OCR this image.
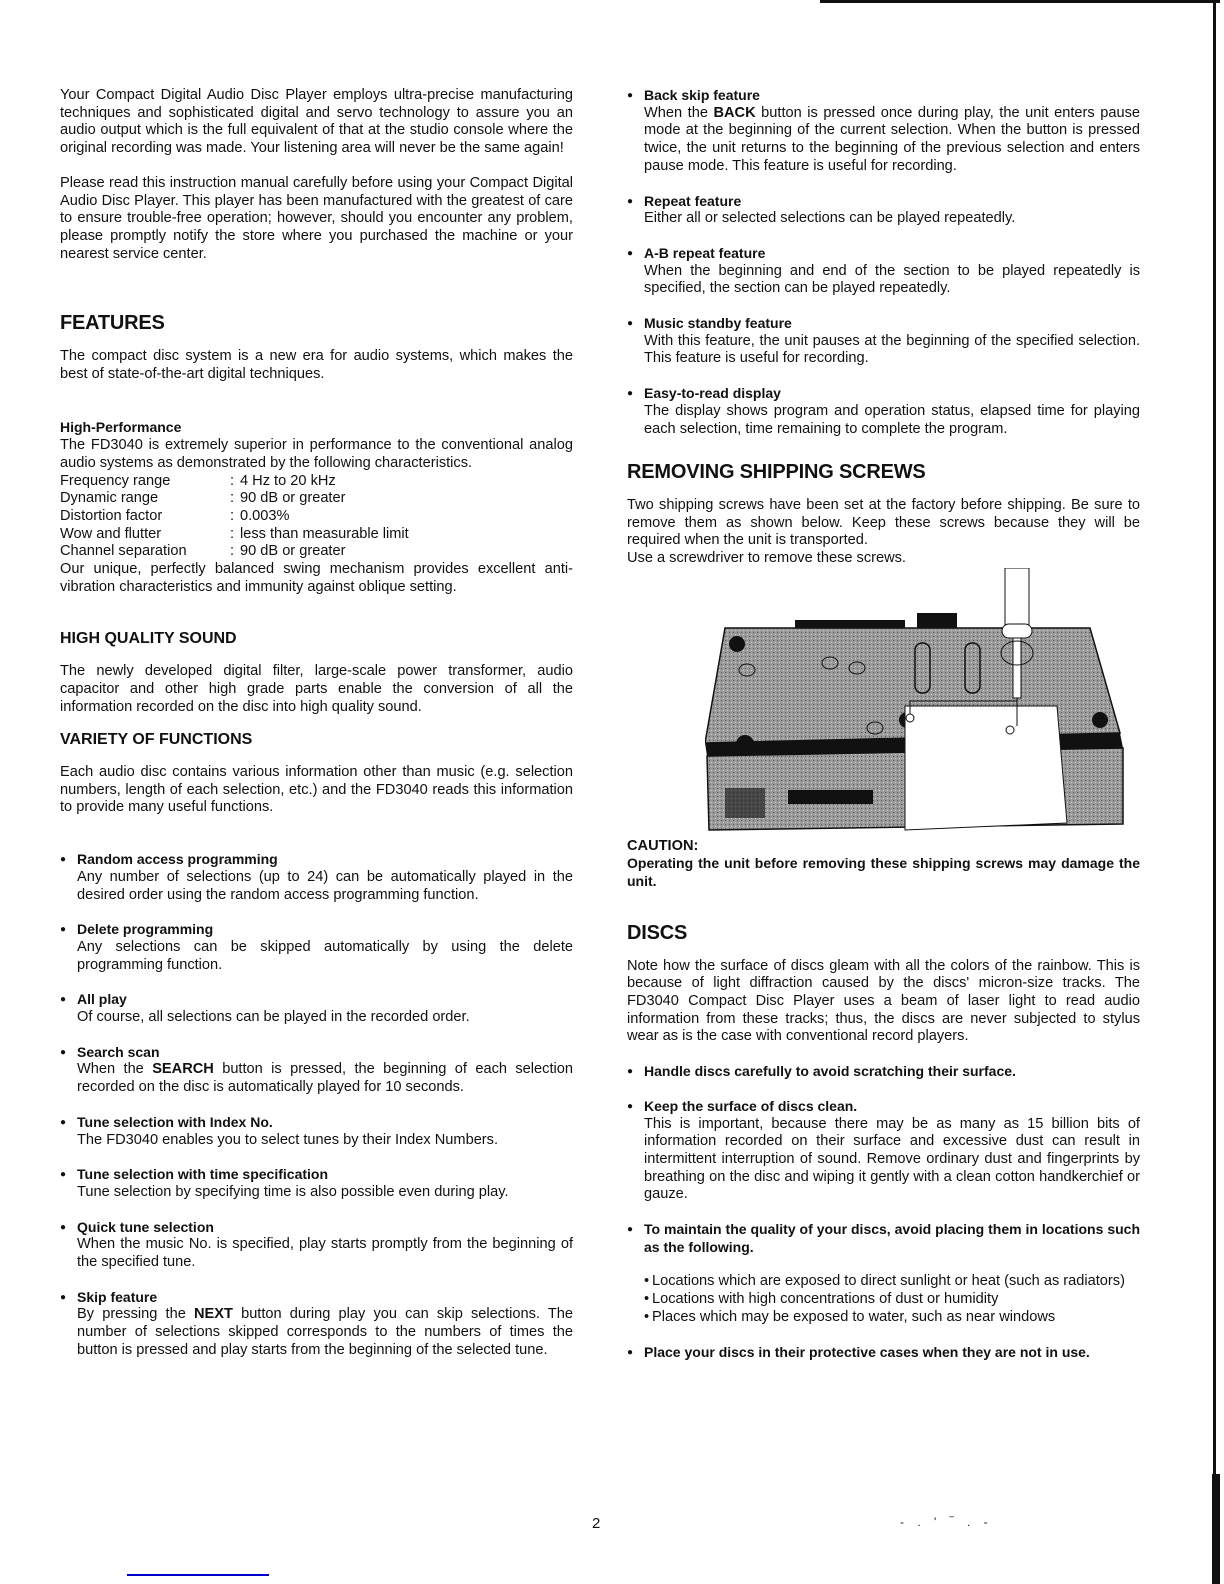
Your Compact Digital Audio Disc Player employs ultra-precise manufacturing techniques and sophisticated digital and servo technology to assure you an audio output which is the full equivalent of that at the studio console where the original recording was made. Your listening area will never be the same again!

Please read this instruction manual carefully before using your Compact Digital Audio Disc Player. This player has been manufactured with the greatest of care to ensure trouble-free operation; however, should you encounter any problem, please promptly notify the store where you purchased the machine or your nearest service center.

FEATURES

The compact disc system is a new era for audio systems, which makes the best of state-of-the-art digital techniques.

High-Performance

The FD3040 is extremely superior in performance to the conventional analog audio systems as demonstrated by the following characteristics.

Frequency range	: 4 Hz to 20 kHz
Dynamic range	: 90 dB or greater
Distortion factor	: 0.003%
Wow and flutter	: less than measurable limit
Channel separation	: 90 dB or greater

Our unique, perfectly balanced swing mechanism provides excellent anti-vibration characteristics and immunity against oblique setting.

HIGH QUALITY SOUND

The newly developed digital filter, large-scale power transformer, audio capacitor and other high grade parts enable the conversion of all the information recorded on the disc into high quality sound.

VARIETY OF FUNCTIONS

Each audio disc contains various information other than music (e.g. selection numbers, length of each selection, etc.) and the FD3040 reads this information to provide many useful functions.

● Random access programming
Any number of selections (up to 24) can be automatically played in the desired order using the random access programming function.
● Delete programming
Any selections can be skipped automatically by using the delete programming function.
● All play
Of course, all selections can be played in the recorded order.
● Search scan
When the SEARCH button is pressed, the beginning of each selection recorded on the disc is automatically played for 10 seconds.
● Tune selection with Index No.
The FD3040 enables you to select tunes by their Index Numbers.
● Tune selection with time specification
Tune selection by specifying time is also possible even during play.
● Quick tune selection
When the music No. is specified, play starts promptly from the beginning of the specified tune.
● Skip feature
By pressing the NEXT button during play you can skip selections. The number of selections skipped corresponds to the numbers of times the button is pressed and play starts from the beginning of the selected tune.
● Back skip feature
When the BACK button is pressed once during play, the unit enters pause mode at the beginning of the current selection. When the button is pressed twice, the unit returns to the beginning of the previous selection and enters pause mode. This feature is useful for recording.
● Repeat feature
Either all or selected selections can be played repeatedly.
● A-B repeat feature
When the beginning and end of the section to be played repeatedly is specified, the section can be played repeatedly.
● Music standby feature
With this feature, the unit pauses at the beginning of the specified selection. This feature is useful for recording.
● Easy-to-read display
The display shows program and operation status, elapsed time for playing each selection, time remaining to complete the program.
REMOVING SHIPPING SCREWS

Two shipping screws have been set at the factory before shipping. Be sure to remove them as shown below. Keep these screws because they will be required when the unit is transported.

Use a screwdriver to remove these screws.

CAUTION:

Operating the unit before removing these shipping screws may damage the unit.

DISCS

Note how the surface of discs gleam with all the colors of the rainbow. This is because of light diffraction caused by the discs' micron-size tracks. The FD3040 Compact Disc Player uses a beam of laser light to read audio information from these tracks; thus, the discs are never subjected to stylus wear as is the case with conventional record players.

● Handle discs carefully to avoid scratching their surface.
● Keep the surface of discs clean.
This is important, because there may be as many as 15 billion bits of information recorded on their surface and excessive dust can result in intermittent interruption of sound. Remove ordinary dust and fingerprints by breathing on the disc and wiping it gently with a clean cotton handkerchief or gauze.
● To maintain the quality of your discs, avoid placing them in locations such as the following.
• Locations which are exposed to direct sunlight or heat (such as radiators)
• Locations with high concentrations of dust or humidity
• Places which may be exposed to water, such as near windows
● Place your discs in their protective cases when they are not in use.
2	- . ' ‾ . -
